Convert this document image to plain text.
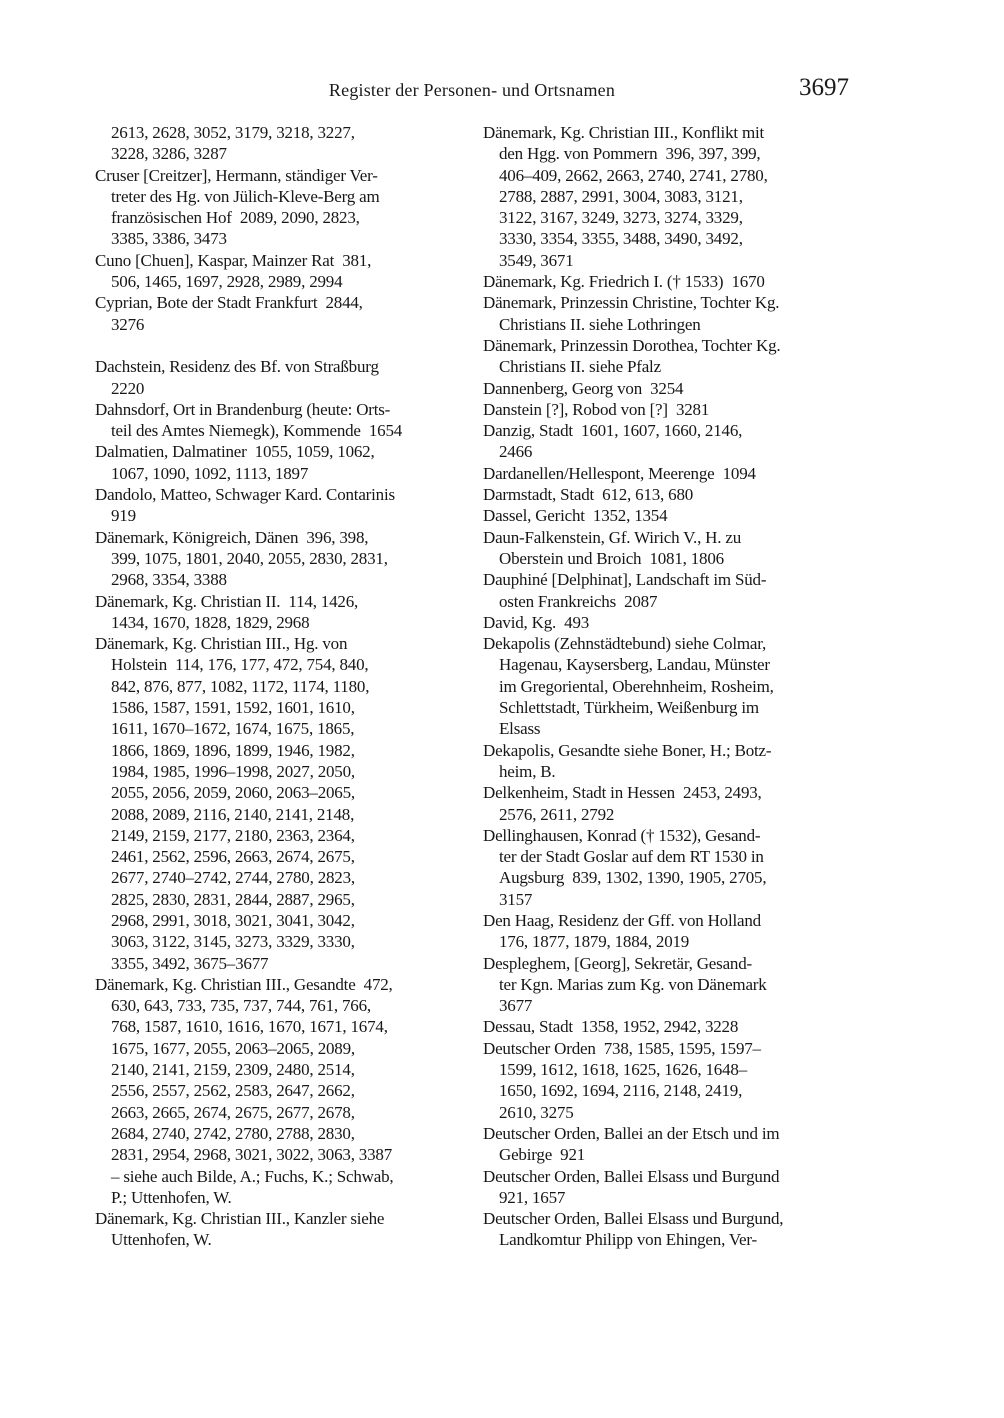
Register der Personen- und Ortsnamen	3697
2613, 2628, 3052, 3179, 3218, 3227,
3228, 3286, 3287
Cruser [Creitzer], Hermann, ständiger Ver-
treter des Hg. von Jülich-Kleve-Berg am
französischen Hof  2089, 2090, 2823,
3385, 3386, 3473
Cuno [Chuen], Kaspar, Mainzer Rat  381,
506, 1465, 1697, 2928, 2989, 2994
Cyprian, Bote der Stadt Frankfurt  2844,
3276
Dachstein, Residenz des Bf. von Straßburg
2220
Dahnsdorf, Ort in Brandenburg (heute: Orts-
teil des Amtes Niemegk), Kommende  1654
Dalmatien, Dalmatiner  1055, 1059, 1062,
1067, 1090, 1092, 1113, 1897
Dandolo, Matteo, Schwager Kard. Contarinis
919
Dänemark, Königreich, Dänen  396, 398,
399, 1075, 1801, 2040, 2055, 2830, 2831,
2968, 3354, 3388
Dänemark, Kg. Christian II.  114, 1426,
1434, 1670, 1828, 1829, 2968
Dänemark, Kg. Christian III., Hg. von
Holstein  114, 176, 177, 472, 754, 840,
842, 876, 877, 1082, 1172, 1174, 1180,
1586, 1587, 1591, 1592, 1601, 1610,
1611, 1670–1672, 1674, 1675, 1865,
1866, 1869, 1896, 1899, 1946, 1982,
1984, 1985, 1996–1998, 2027, 2050,
2055, 2056, 2059, 2060, 2063–2065,
2088, 2089, 2116, 2140, 2141, 2148,
2149, 2159, 2177, 2180, 2363, 2364,
2461, 2562, 2596, 2663, 2674, 2675,
2677, 2740–2742, 2744, 2780, 2823,
2825, 2830, 2831, 2844, 2887, 2965,
2968, 2991, 3018, 3021, 3041, 3042,
3063, 3122, 3145, 3273, 3329, 3330,
3355, 3492, 3675–3677
Dänemark, Kg. Christian III., Gesandte  472,
630, 643, 733, 735, 737, 744, 761, 766,
768, 1587, 1610, 1616, 1670, 1671, 1674,
1675, 1677, 2055, 2063–2065, 2089,
2140, 2141, 2159, 2309, 2480, 2514,
2556, 2557, 2562, 2583, 2647, 2662,
2663, 2665, 2674, 2675, 2677, 2678,
2684, 2740, 2742, 2780, 2788, 2830,
2831, 2954, 2968, 3021, 3022, 3063, 3387
– siehe auch Bilde, A.; Fuchs, K.; Schwab,
P.; Uttenhofen, W.
Dänemark, Kg. Christian III., Kanzler siehe
Uttenhofen, W.
Dänemark, Kg. Christian III., Konflikt mit
den Hgg. von Pommern  396, 397, 399,
406–409, 2662, 2663, 2740, 2741, 2780,
2788, 2887, 2991, 3004, 3083, 3121,
3122, 3167, 3249, 3273, 3274, 3329,
3330, 3354, 3355, 3488, 3490, 3492,
3549, 3671
Dänemark, Kg. Friedrich I. († 1533)  1670
Dänemark, Prinzessin Christine, Tochter Kg.
Christians II. siehe Lothringen
Dänemark, Prinzessin Dorothea, Tochter Kg.
Christians II. siehe Pfalz
Dannenberg, Georg von  3254
Danstein [?], Robod von [?]  3281
Danzig, Stadt  1601, 1607, 1660, 2146,
2466
Dardanellen/Hellespont, Meerenge  1094
Darmstadt, Stadt  612, 613, 680
Dassel, Gericht  1352, 1354
Daun-Falkenstein, Gf. Wirich V., H. zu
Oberstein und Broich  1081, 1806
Dauphiné [Delphinat], Landschaft im Süd-
osten Frankreichs  2087
David, Kg.  493
Dekapolis (Zehnstädtebund) siehe Colmar,
Hagenau, Kaysersberg, Landau, Münster
im Gregoriental, Oberehnheim, Rosheim,
Schlettstadt, Türkheim, Weißenburg im
Elsass
Dekapolis, Gesandte siehe Boner, H.; Botz-
heim, B.
Delkenheim, Stadt in Hessen  2453, 2493,
2576, 2611, 2792
Dellinghausen, Konrad († 1532), Gesand-
ter der Stadt Goslar auf dem RT 1530 in
Augsburg  839, 1302, 1390, 1905, 2705,
3157
Den Haag, Residenz der Gff. von Holland
176, 1877, 1879, 1884, 2019
Despleghem, [Georg], Sekretär, Gesand-
ter Kgn. Marias zum Kg. von Dänemark
3677
Dessau, Stadt  1358, 1952, 2942, 3228
Deutscher Orden  738, 1585, 1595, 1597–
1599, 1612, 1618, 1625, 1626, 1648–
1650, 1692, 1694, 2116, 2148, 2419,
2610, 3275
Deutscher Orden, Ballei an der Etsch und im
Gebirge  921
Deutscher Orden, Ballei Elsass und Burgund
921, 1657
Deutscher Orden, Ballei Elsass und Burgund,
Landkomtur Philipp von Ehingen, Ver-
